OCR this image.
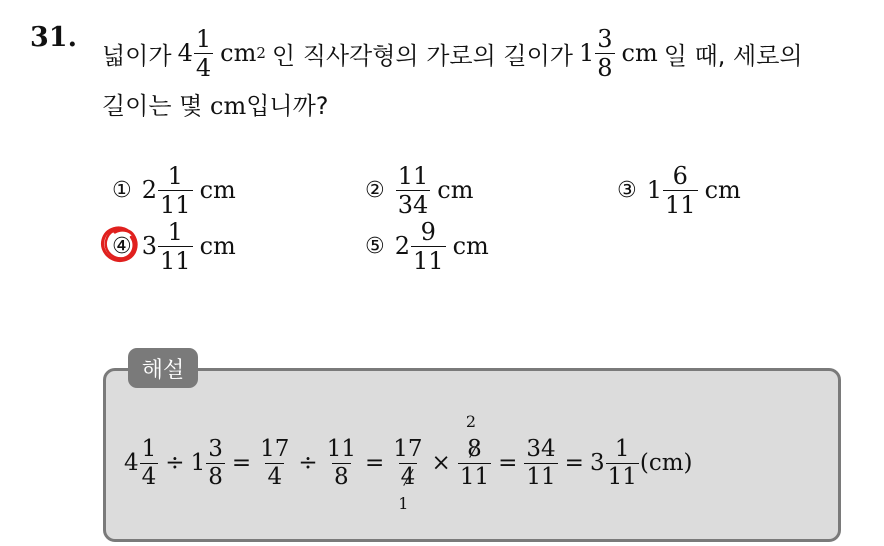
31.
넓이가 $4 \frac{1}{4}$ cm 2 인 직사각형의 가로의 길이가 $1 \frac{3}{8}$ cm 일 때, 세로의
길이는 몇 cm입니까?
① $2 \frac{1}{11}$ cm	② $\frac{11}{34}$ cm	③ $1 \frac{6}{11}$ cm
④ $3 \frac{1}{11}$ cm	⑤ $2 \frac{9}{11}$ cm
해설
$4 \frac{1}{4} \div 1 \frac{3}{8} = \frac{17}{4} \div \frac{11}{8}$ =
17
4
1
×
2
8
11
= $\frac{34}{11} = 3 \frac{1}{11} (cm)$
